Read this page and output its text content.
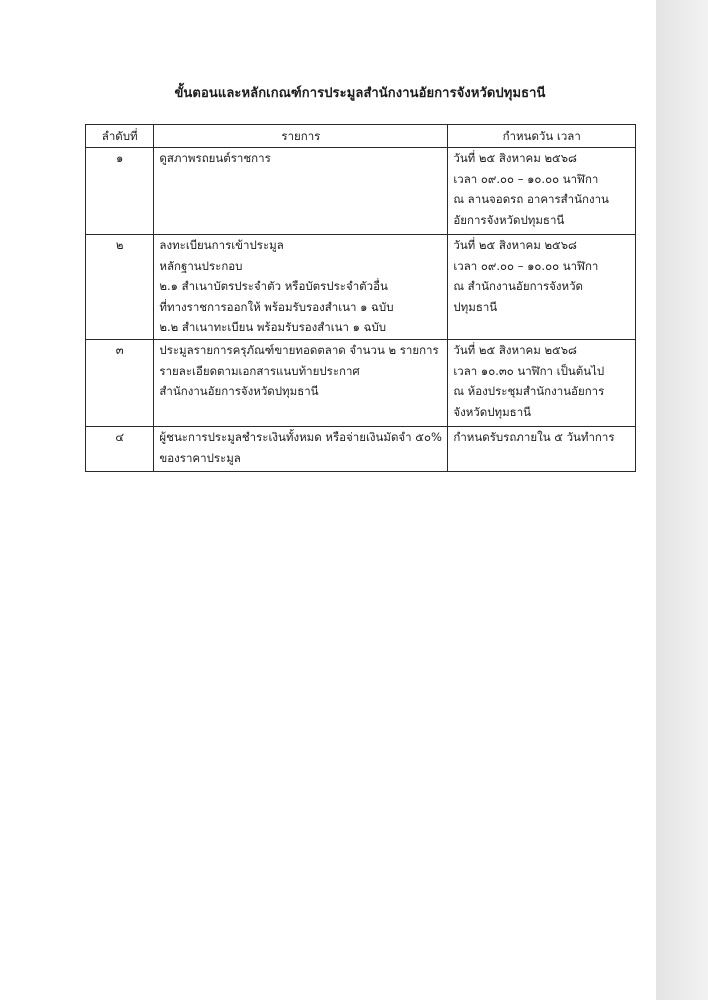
ขั้นตอนและหลักเกณฑ์การประมูลสำนักงานอัยการจังหวัดปทุมธานี
ลำดับที่	รายการ	กำหนดวัน เวลา
๑	ดูสภาพรถยนต์ราชการ	วันที่ ๒๕ สิงหาคม ๒๕๖๘
เวลา ๐๙.๐๐ – ๑๐.๐๐ นาฬิกา
ณ ลานจอดรถ อาคารสำนักงาน
อัยการจังหวัดปทุมธานี

๒	ลงทะเบียนการเข้าประมูล
หลักฐานประกอบ
๒.๑ สำเนาบัตรประจำตัว หรือบัตรประจำตัวอื่น
ที่ทางราชการออกให้ พร้อมรับรองสำเนา ๑ ฉบับ
๒.๒ สำเนาทะเบียน พร้อมรับรองสำเนา ๑ ฉบับ	วันที่ ๒๕ สิงหาคม ๒๕๖๘
เวลา ๐๙.๐๐ – ๑๐.๐๐ นาฬิกา
ณ สำนักงานอัยการจังหวัด
ปทุมธานี

๓	ประมูลรายการครุภัณฑ์ขายทอดตลาด จำนวน ๒ รายการ
รายละเอียดตามเอกสารแนบท้ายประกาศ
สำนักงานอัยการจังหวัดปทุมธานี	วันที่ ๒๕ สิงหาคม ๒๕๖๘
เวลา ๑๐.๓๐ นาฬิกา เป็นต้นไป
ณ ห้องประชุมสำนักงานอัยการ
จังหวัดปทุมธานี

๔	ผู้ชนะการประมูลชำระเงินทั้งหมด หรือจ่ายเงินมัดจำ ๕๐%
ของราคาประมูล	กำหนดรับรถภายใน ๕ วันทำการ
